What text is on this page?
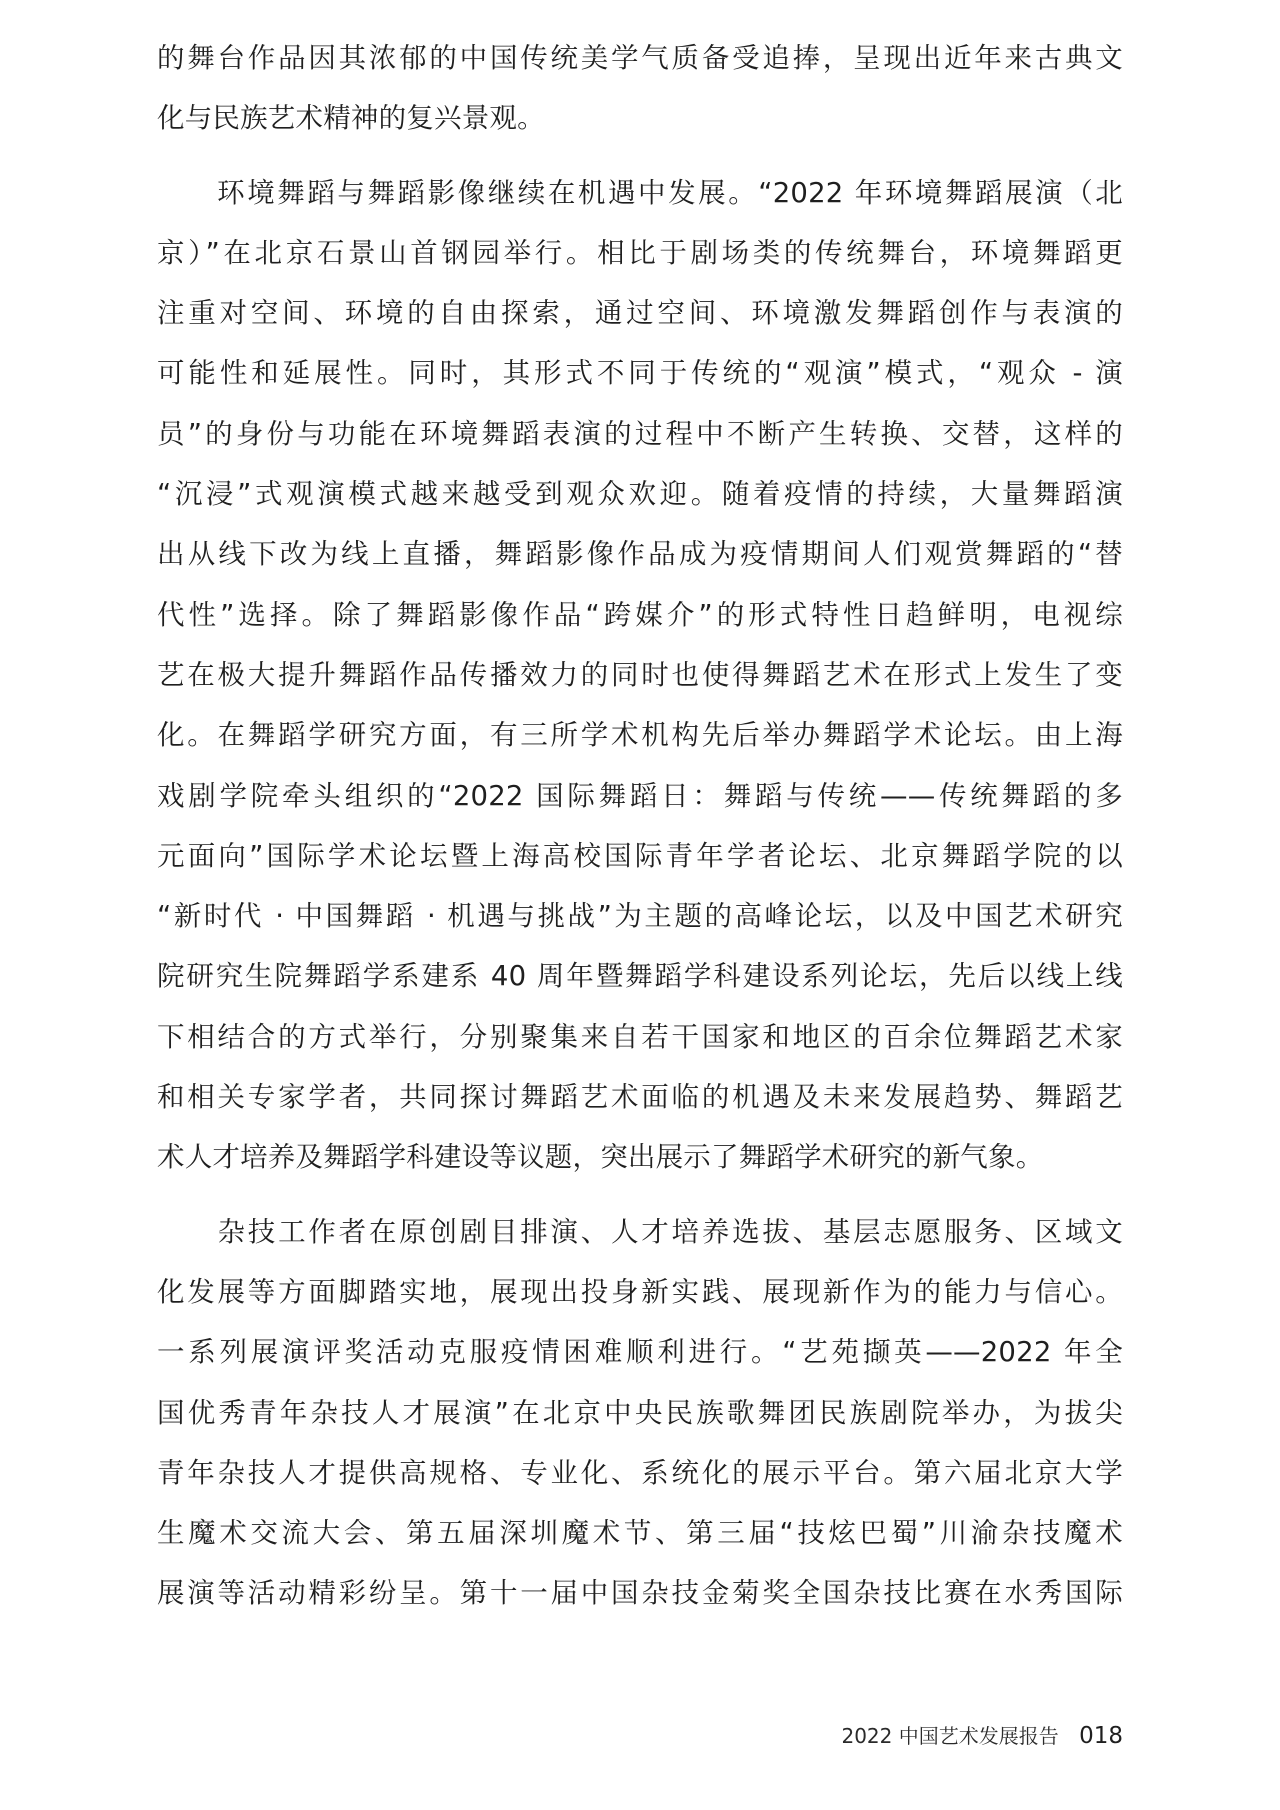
的舞台作品因其浓郁的中国传统美学气质备受追捧，呈现出近年来古典文
化与民族艺术精神的复兴景观。
　　环境舞蹈与舞蹈影像继续在机遇中发展。“2022 年环境舞蹈展演（北
京）”在北京石景山首钢园举行。相比于剧场类的传统舞台，环境舞蹈更
注重对空间、环境的自由探索，通过空间、环境激发舞蹈创作与表演的
可能性和延展性。同时，其形式不同于传统的“观演”模式，“观众 - 演
员”的身份与功能在环境舞蹈表演的过程中不断产生转换、交替，这样的
“沉浸”式观演模式越来越受到观众欢迎。随着疫情的持续，大量舞蹈演
出从线下改为线上直播，舞蹈影像作品成为疫情期间人们观赏舞蹈的“替
代性”选择。除了舞蹈影像作品“跨媒介”的形式特性日趋鲜明，电视综
艺在极大提升舞蹈作品传播效力的同时也使得舞蹈艺术在形式上发生了变
化。在舞蹈学研究方面，有三所学术机构先后举办舞蹈学术论坛。由上海
戏剧学院牵头组织的“2022 国际舞蹈日：舞蹈与传统——传统舞蹈的多
元面向”国际学术论坛暨上海高校国际青年学者论坛、北京舞蹈学院的以
“新时代 · 中国舞蹈 · 机遇与挑战”为主题的高峰论坛，以及中国艺术研究
院研究生院舞蹈学系建系 40 周年暨舞蹈学科建设系列论坛，先后以线上线
下相结合的方式举行，分别聚集来自若干国家和地区的百余位舞蹈艺术家
和相关专家学者，共同探讨舞蹈艺术面临的机遇及未来发展趋势、舞蹈艺
术人才培养及舞蹈学科建设等议题，突出展示了舞蹈学术研究的新气象。
　　杂技工作者在原创剧目排演、人才培养选拔、基层志愿服务、区域文
化发展等方面脚踏实地，展现出投身新实践、展现新作为的能力与信心。
一系列展演评奖活动克服疫情困难顺利进行。“艺苑撷英——2022 年全
国优秀青年杂技人才展演”在北京中央民族歌舞团民族剧院举办，为拔尖
青年杂技人才提供高规格、专业化、系统化的展示平台。第六届北京大学
生魔术交流大会、第五届深圳魔术节、第三届“技炫巴蜀”川渝杂技魔术
展演等活动精彩纷呈。第十一届中国杂技金菊奖全国杂技比赛在水秀国际
2022 中国艺术发展报告 018
